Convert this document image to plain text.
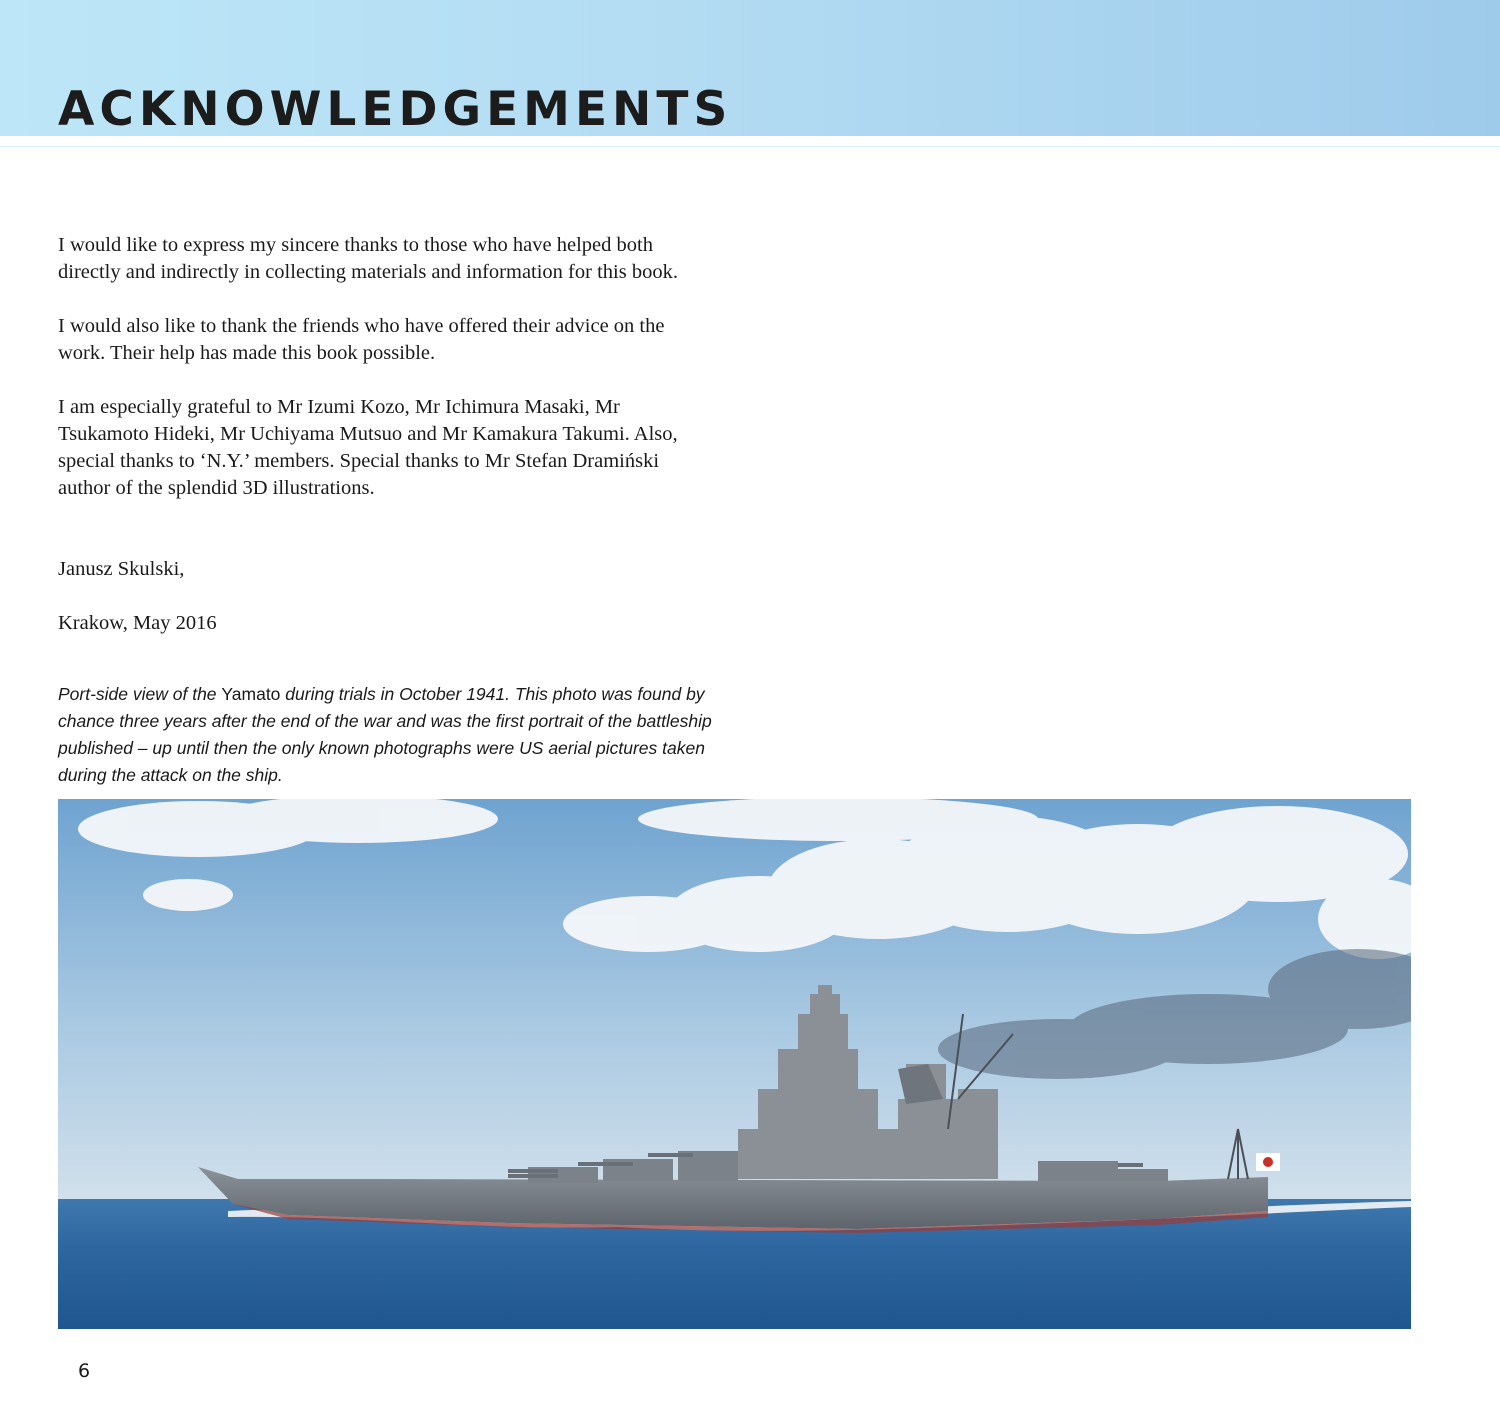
ACKNOWLEDGEMENTS

I would like to express my sincere thanks to those who have helped both
directly and indirectly in collecting materials and information for this book.

I would also like to thank the friends who have offered their advice on the
work. Their help has made this book possible.

I am especially grateful to Mr Izumi Kozo, Mr Ichimura Masaki, Mr
Tsukamoto Hideki, Mr Uchiyama Mutsuo and Mr Kamakura Takumi. Also,
special thanks to ‘N.Y.’ members. Special thanks to Mr Stefan Dramiński
author of the splendid 3D illustrations.

Janusz Skulski,

Krakow, May 2016

Port-side view of the Yamato during trials in October 1941. This photo was found by chance three years after the end of the war and was the first portrait of the battleship published – up until then the only known photographs were US aerial pictures taken during the attack on the ship.
6
